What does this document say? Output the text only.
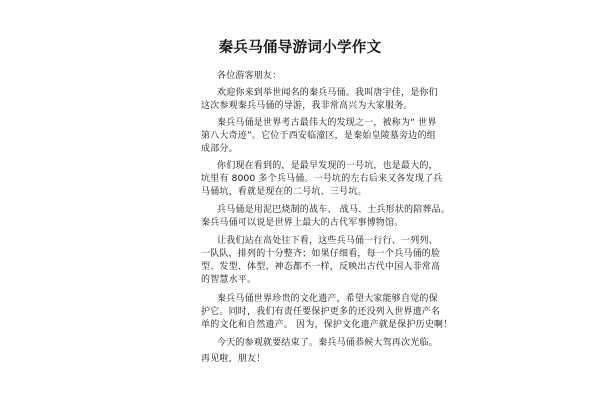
秦兵马俑导游词小学作文
各位游客朋友：
欢迎你来到举世闻名的秦兵马俑。我叫唐宇佳，是你们
这次参观秦兵马俑的导游，我非常高兴为大家服务。
秦兵马俑是世界考古最伟大的发现之一，被称为“ 世界
第八大奇迹”。它位于西安临潼区，是秦始皇陵墓旁边的组
成部分。
你们现在看到的，是最早发现的一号坑，也是最大的，
坑里有 8000 多个兵马俑。一号坑的左右后来又各发现了兵
马俑坑，看就是现在的二号坑、三号坑。
兵马俑是用泥巴烧制的战车、 战马、士兵形状的陪葬品。
秦兵马俑可以说是世界上最大的古代军事博物馆。
让我们站在高处往下看，这些兵马俑一行行、一列列、
一队队，排列的十分整齐；如果仔细看，每一个兵马俑的脸
型、发型、体型、神态都不一样，反映出古代中国人非常高
的智慧水平。
秦兵马俑世界珍贵的文化遗产，希望大家能够自觉的保
护它。同时，我们有责任要保护更多的还没列入世界遗产名
单的文化和自然遗产。 因为，保护文化遗产就是保护历史啊！
今天的参观就要结束了。秦兵马俑恭候大驾再次光临。
再见啦，朋友！
